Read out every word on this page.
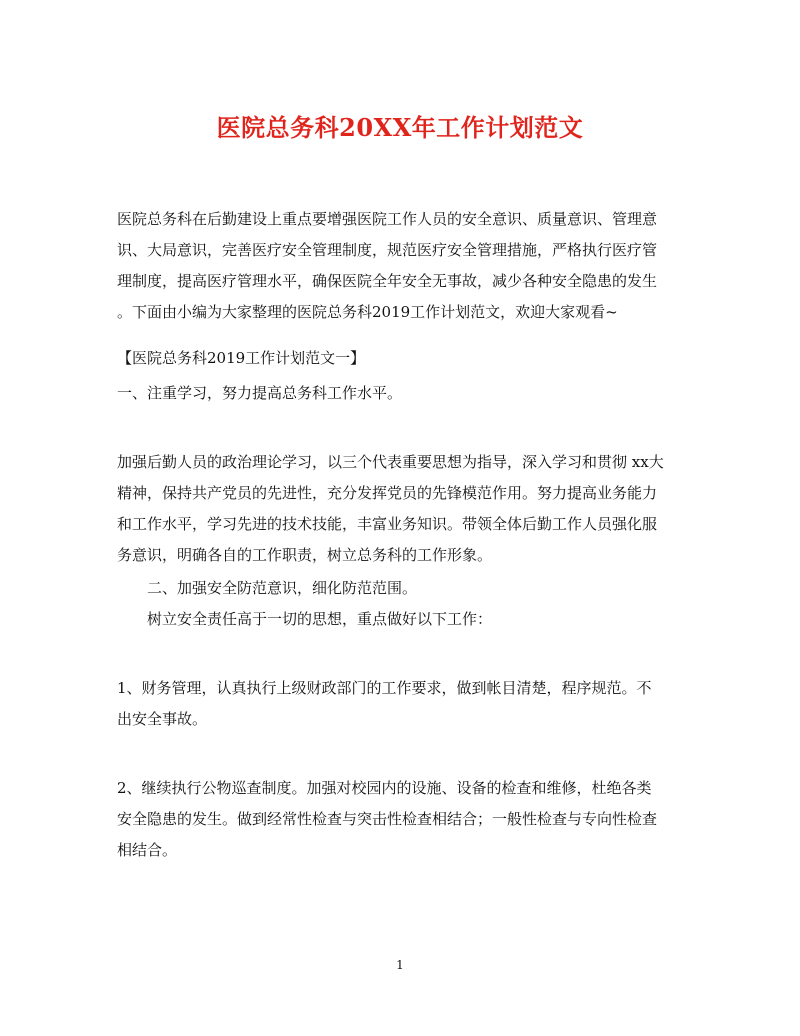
医院总务科20XX年工作计划范文
医院总务科在后勤建设上重点要增强医院工作人员的安全意识、质量意识、管理意
识、大局意识，完善医疗安全管理制度，规范医疗安全管理措施，严格执行医疗管
理制度，提高医疗管理水平，确保医院全年安全无事故，减少各种安全隐患的发生
。下面由小编为大家整理的医院总务科2019工作计划范文，欢迎大家观看~
【医院总务科2019工作计划范文一】
一、注重学习，努力提高总务科工作水平。
加强后勤人员的政治理论学习，以三个代表重要思想为指导，深入学习和贯彻 xx大
精神，保持共产党员的先进性，充分发挥党员的先锋模范作用。努力提高业务能力
和工作水平，学习先进的技术技能，丰富业务知识。带领全体后勤工作人员强化服
务意识，明确各自的工作职责，树立总务科的工作形象。
二、加强安全防范意识，细化防范范围。
树立安全责任高于一切的思想，重点做好以下工作：
1、财务管理，认真执行上级财政部门的工作要求，做到帐目清楚，程序规范。不
出安全事故。
2、继续执行公物巡查制度。加强对校园内的设施、设备的检查和维修，杜绝各类
安全隐患的发生。做到经常性检查与突击性检查相结合；一般性检查与专向性检查
相结合。
1
